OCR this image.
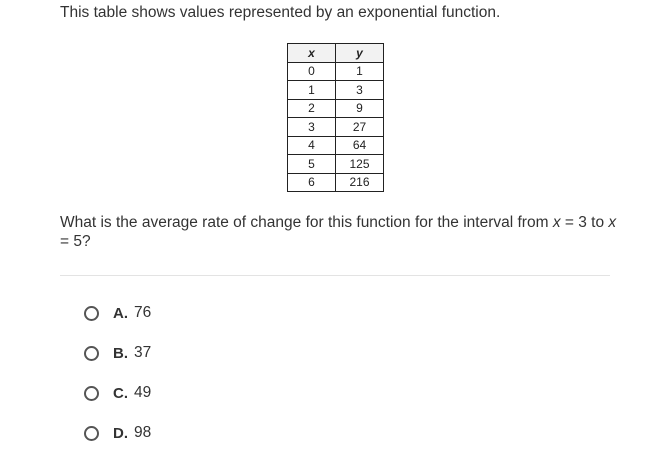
This table shows values represented by an exponential function.
x	y
0	1
1	3
2	9
3	27
4	64
5	125
6	216
What is the average rate of change for this function for the interval from x = 3 to x = 5?
A. 76
B. 37
C. 49
D. 98
